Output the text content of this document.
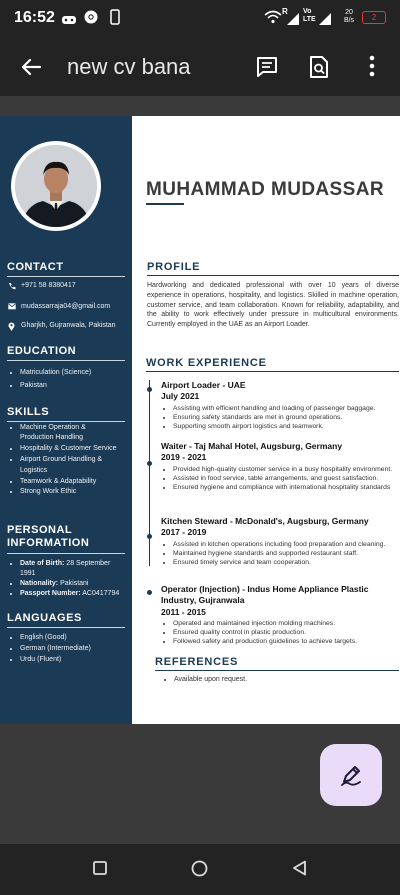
16:52	R Vo LTE
20 B/s	2
new cv bana
CONTACT
+971 58 8380417
mudassarraja04@gmail.com
Gharjkh, Gujranwala, Pakistan
EDUCATION
• Matriculation (Science)
• Pakistan
SKILLS
• Machine Operation & Production Handling
• Hospitality & Customer Service
• Airport Ground Handling & Logistics
• Teamwork & Adaptability
• Strong Work Ethic
PERSONAL INFORMATION
• Date of Birth: 28 September 1991
• Nationality: Pakistani
• Passport Number: AC0417794
LANGUAGES
• English (Good)
• German (Intermediate)
• Urdu (Fluent)
MUHAMMAD MUDASSAR
PROFILE

Hardworking and dedicated professional with over 10 years of diverse experience in operations, hospitality, and logistics. Skilled in machine operation, customer service, and team collaboration. Known for reliability, adaptability, and the ability to work effectively under pressure in multicultural environments. Currently employed in the UAE as an Airport Loader.

WORK EXPERIENCE
Airport Loader - UAE
July 2021
• Assisting with efficient handling and loading of passenger baggage.
• Ensuring safety standards are met in ground operations.
• Supporting smooth airport logistics and teamwork.
Waiter - Taj Mahal Hotel, Augsburg, Germany
2019 - 2021
• Provided high-quality customer service in a busy hospitality environment.
• Assisted in food service, table arrangements, and guest satisfaction.
• Ensured hygiene and compliance with international hospitality standards
Kitchen Steward - McDonald's, Augsburg, Germany
2017 - 2019
• Assisted in kitchen operations including food preparation and cleaning.
• Maintained hygiene standards and supported restaurant staff.
• Ensured timely service and team cooperation.
Operator (Injection) - Indus Home Appliance Plastic Industry, Gujranwala
2011 - 2015
• Operated and maintained injection molding machines.
• Ensured quality control in plastic production.
• Followed safety and production guidelines to achieve targets.
REFERENCES
• Available upon request.
